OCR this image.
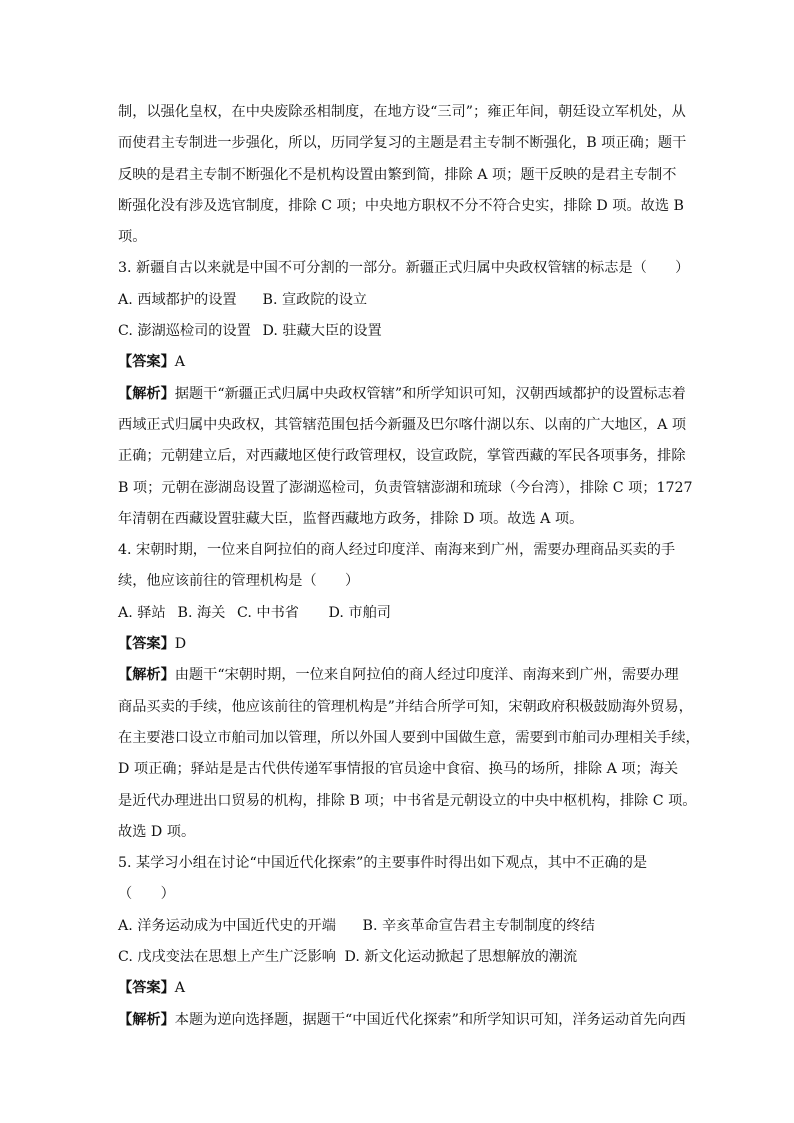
制，以强化皇权，在中央废除丞相制度，在地方设“三司”；雍正年间，朝廷设立军机处，从
而使君主专制进一步强化，所以，历同学复习的主题是君主专制不断强化，B 项正确；题干
反映的是君主专制不断强化不是机构设置由繁到简，排除 A 项；题干反映的是君主专制不
断强化没有涉及选官制度，排除 C 项；中央地方职权不分不符合史实，排除 D 项。故选 B
项。
3. 新疆自古以来就是中国不可分割的一部分。新疆正式归属中央政权管辖的标志是（　　）
A. 西域都护的设置 B. 宣政院的设立
C. 澎湖巡检司的设置 D. 驻藏大臣的设置
【答案】A
【解析】据题干“新疆正式归属中央政权管辖”和所学知识可知，汉朝西域都护的设置标志着
西域正式归属中央政权，其管辖范围包括今新疆及巴尔喀什湖以东、以南的广大地区，A 项
正确；元朝建立后，对西藏地区使行政管理权，设宣政院，掌管西藏的军民各项事务，排除
B 项；元朝在澎湖岛设置了澎湖巡检司，负责管辖澎湖和琉球（今台湾），排除 C 项；1727
年清朝在西藏设置驻藏大臣，监督西藏地方政务，排除 D 项。故选 A 项。
4. 宋朝时期，一位来自阿拉伯的商人经过印度洋、南海来到广州，需要办理商品买卖的手
续，他应该前往的管理机构是（　　）
A. 驿站 B. 海关 C. 中书省 D. 市舶司
【答案】D
【解析】由题干“宋朝时期，一位来自阿拉伯的商人经过印度洋、南海来到广州，需要办理
商品买卖的手续，他应该前往的管理机构是”并结合所学可知，宋朝政府积极鼓励海外贸易，
在主要港口设立市舶司加以管理，所以外国人要到中国做生意，需要到市舶司办理相关手续，
D 项正确；驿站是是古代供传递军事情报的官员途中食宿、换马的场所，排除 A 项；海关
是近代办理进出口贸易的机构，排除 B 项；中书省是元朝设立的中央中枢机构，排除 C 项。
故选 D 项。
5. 某学习小组在讨论“中国近代化探索”的主要事件时得出如下观点，其中不正确的是
（　　）
A. 洋务运动成为中国近代史的开端 B. 辛亥革命宣告君主专制制度的终结
C. 戊戌变法在思想上产生广泛影响 D. 新文化运动掀起了思想解放的潮流
【答案】A
【解析】本题为逆向选择题，据题干“中国近代化探索”和所学知识可知，洋务运动首先向西
